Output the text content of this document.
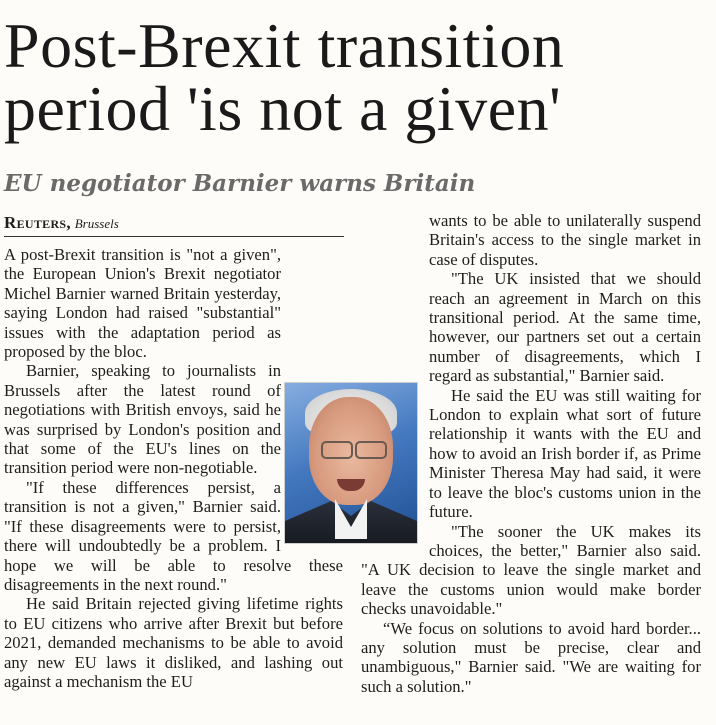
Post-Brexit transition
period 'is not a given'
EU negotiator Barnier warns Britain
Reuters, Brussels

A post-Brexit transition is "not a given", the European Union's Brexit negotiator Michel Barnier warned Britain yesterday, saying London had raised "substantial" issues with the adaptation period as proposed by the bloc.

Barnier, speaking to journalists in Brussels after the latest round of negotiations with British envoys, said he was surprised by London's position and that some of the EU's lines on the transition period were non-negotiable.

"If these differences persist, a transition is not a given," Barnier said. "If these disagreements were to persist, there will undoubtedly be a problem. I hope we will be able to resolve these disagreements in the next round."

He said Britain rejected giving lifetime rights to EU citizens who arrive after Brexit but before 2021, demanded mechanisms to be able to avoid any new EU laws it disliked, and lashing out against a mechanism the EU

wants to be able to unilaterally suspend Britain's access to the single market in case of disputes.

"The UK insisted that we should reach an agreement in March on this transitional period. At the same time, however, our partners set out a certain number of disagreements, which I regard as substantial," Barnier said.

He said the EU was still waiting for London to explain what sort of future relationship it wants with the EU and how to avoid an Irish border if, as Prime Minister Theresa May had said, it were to leave the bloc's customs union in the future.

"The sooner the UK makes its choices, the better," Barnier also said. "A UK decision to leave the single market and leave the customs union would make border checks unavoidable."

“We focus on solutions to avoid hard border... any solution must be precise, clear and unambiguous," Barnier said. "We are waiting for such a solution."
